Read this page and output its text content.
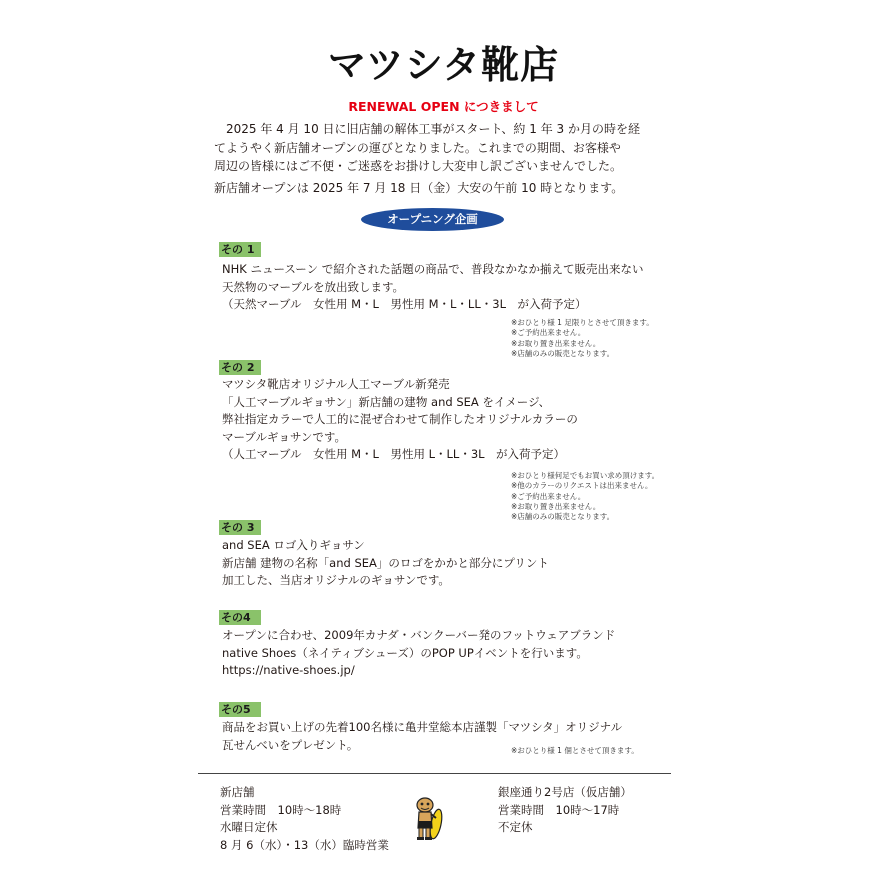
マツシタ靴店
RENEWAL OPEN につきまして

　2025 年 4 月 10 日に旧店舗の解体工事がスタート、約 1 年 3 か月の時を経

てようやく新店舗オープンの運びとなりました。これまでの期間、お客様や

周辺の皆様にはご不便・ご迷惑をお掛けし大変申し訳ございませんでした。

新店舗オープンは 2025 年 7 月 18 日（金）大安の午前 10 時となります。

オープニング企画
その 1

NHK ニュースーン で紹介された話題の商品で、普段なかなか揃えて販売出来ない

天然物のマーブルを放出致します。

（天然マーブル　女性用 M・L　男性用 M・L・LL・3L　が入荷予定）

※おひとり様 1 足限りとさせて頂きます。

※ご予約出来ません。

※お取り置き出来ません。

※店舗のみの販売となります。

その 2

マツシタ靴店オリジナル人工マーブル新発売

「人工マーブルギョサン」新店舗の建物 and SEA をイメージ、

弊社指定カラーで人工的に混ぜ合わせて制作したオリジナルカラーの

マーブルギョサンです。

（人工マーブル　女性用 M・L　男性用 L・LL・3L　が入荷予定）

※おひとり様何足でもお買い求め頂けます。

※他のカラーのリクエストは出来ません。

※ご予約出来ません。

※お取り置き出来ません。

※店舗のみの販売となります。

その 3

and SEA ロゴ入りギョサン

新店舗 建物の名称「and SEA」のロゴをかかと部分にプリント

加工した、当店オリジナルのギョサンです。

その4

オープンに合わせ、2009年カナダ・バンクーバー発のフットウェアブランド

native Shoes（ネイティブシューズ）のPOP UPイベントを行います。

https://native-shoes.jp/

その5

商品をお買い上げの先着100名様に亀井堂総本店謹製「マツシタ」オリジナル

瓦せんべいをプレゼント。	※おひとり様 1 個とさせて頂きます。

新店舗

営業時間　10時〜18時

水曜日定休

8 月 6（水）・13（水）臨時営業

銀座通り2号店（仮店舗）

営業時間　10時〜17時

不定休
